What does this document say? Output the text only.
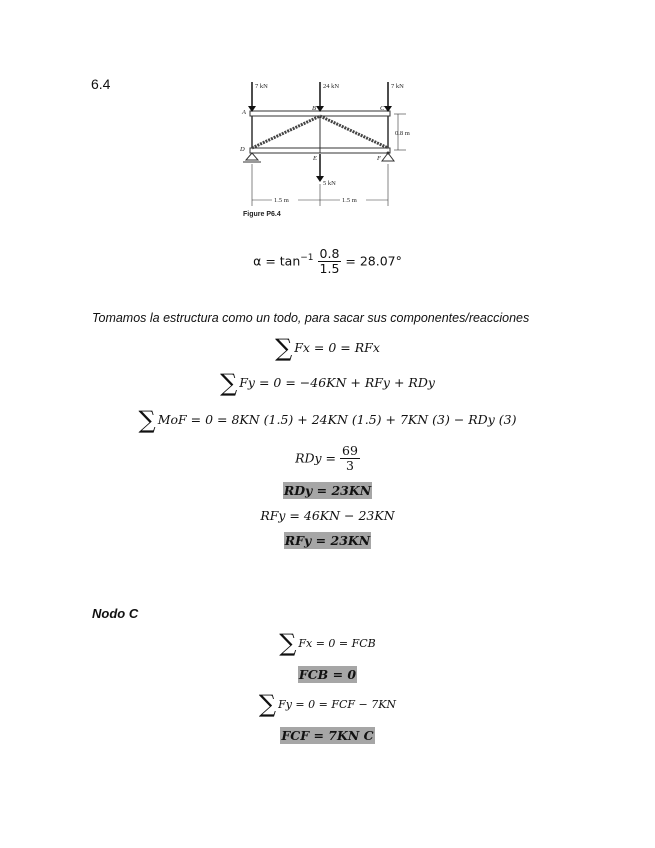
6.4	7 kN	24 kN	7 kN
5 kN
A
B	C
D
E	F
0.8 m
1.5 m	1.5 m
Figure P6.4
$\alpha = \tan^{-1} \frac{0.8}{1.5} = 28.07^\circ$
Tomamos la estructura como un todo, para sacar sus componentes/reacciones
∑ Fx = 0 = RFx
∑ Fy = 0 = −46KN + RFy + RDy
∑ MoF = 0 = 8KN (1.5) + 24KN (1.5) + 7KN (3) − RDy (3)
RDy = $\frac{69}{3}$
RDy = 23KN
RFy = 46KN − 23KN
RFy = 23KN
Nodo C
∑ Fx = 0 = FCB
FCB = 0
∑ Fy = 0 = FCF − 7KN
FCF = 7KN C
